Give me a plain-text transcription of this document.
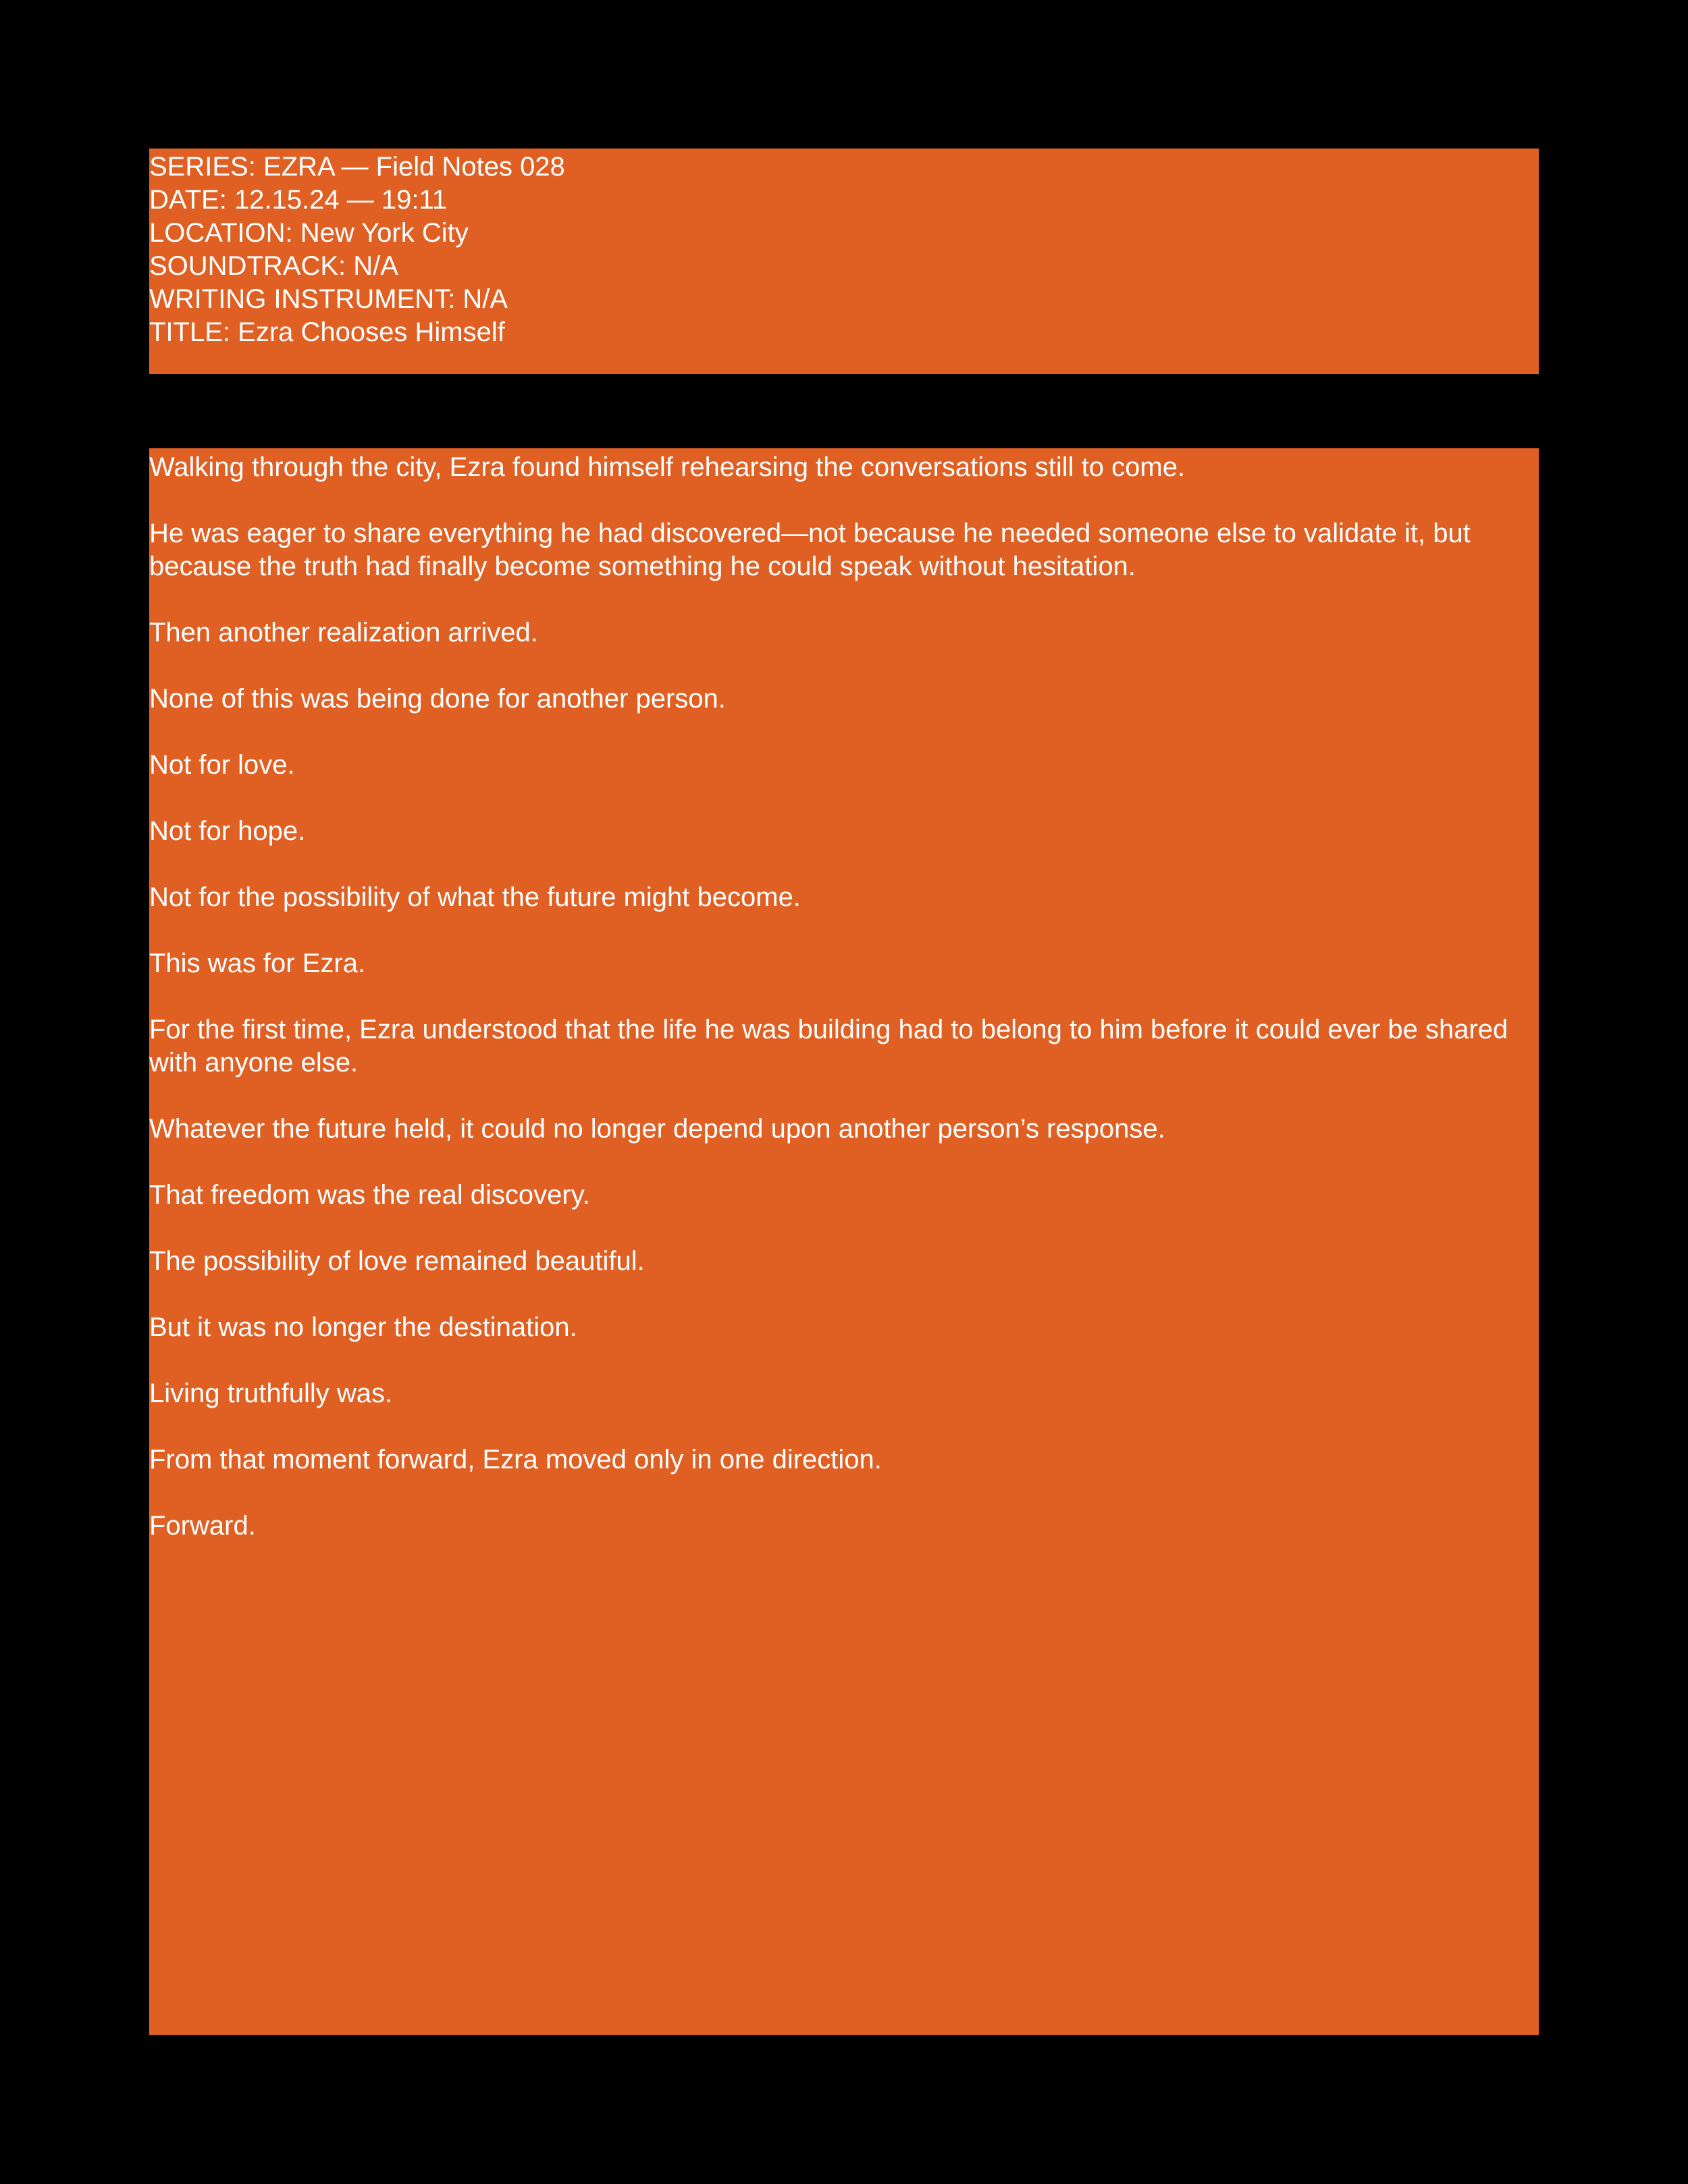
SERIES: EZRA — Field Notes 028
DATE: 12.15.24 — 19:11
LOCATION: New York City
SOUNDTRACK: N/A
WRITING INSTRUMENT: N/A
TITLE: Ezra Chooses Himself

Walking through the city, Ezra found himself rehearsing the conversations still to come.

He was eager to share everything he had discovered—not because he needed someone else to validate it, but because the truth had finally become something he could speak without hesitation.

Then another realization arrived.

None of this was being done for another person.

Not for love.

Not for hope.

Not for the possibility of what the future might become.

This was for Ezra.

For the first time, Ezra understood that the life he was building had to belong to him before it could ever be shared with anyone else.

Whatever the future held, it could no longer depend upon another person’s response.

That freedom was the real discovery.

The possibility of love remained beautiful.

But it was no longer the destination.

Living truthfully was.

From that moment forward, Ezra moved only in one direction.

Forward.
